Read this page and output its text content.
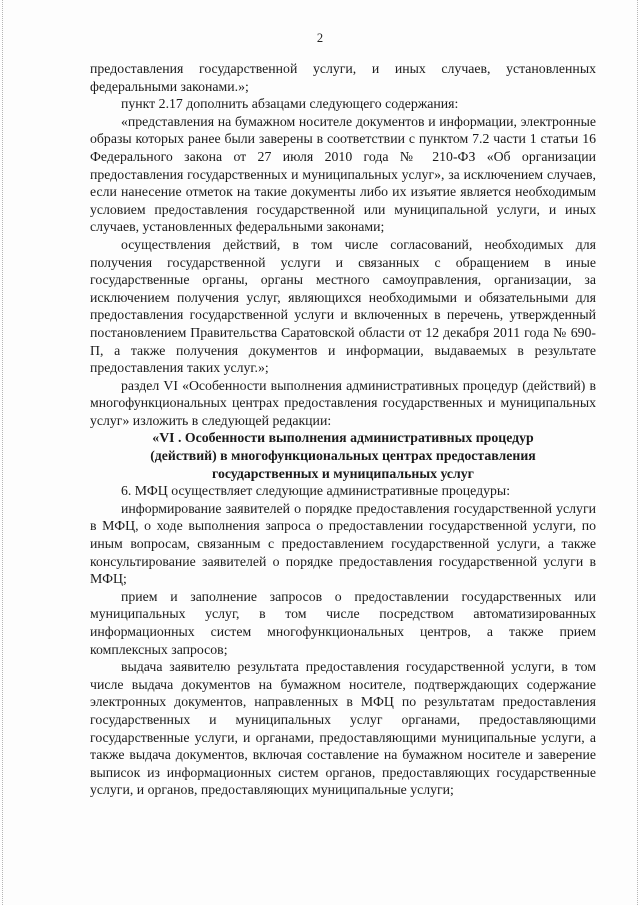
2

предоставления государственной услуги, и иных случаев, установленных федеральными законами.»;

пункт 2.17 дополнить абзацами следующего содержания:

«представления на бумажном носителе документов и информации, электронные образы которых ранее были заверены в соответствии с пунктом 7.2 части 1 статьи 16 Федерального закона от 27 июля 2010 года № 210-ФЗ «Об организации предоставления государственных и муниципальных услуг», за исключением случаев, если нанесение отметок на такие документы либо их изъятие является необходимым условием предоставления государственной или муниципальной услуги, и иных случаев, установленных федеральными законами;

осуществления действий, в том числе согласований, необходимых для получения государственной услуги и связанных с обращением в иные государственные органы, органы местного самоуправления, организации, за исключением получения услуг, являющихся необходимыми и обязательными для предоставления государственной услуги и включенных в перечень, утвержденный постановлением Правительства Саратовской области от 12 декабря 2011 года № 690-П, а также получения документов и информации, выдаваемых в результате предоставления таких услуг.»;

раздел VI «Особенности выполнения административных процедур (действий) в многофункциональных центрах предоставления государственных и муниципальных услуг» изложить в следующей редакции:

«VI . Особенности выполнения административных процедур (действий) в многофункциональных центрах предоставления государственных и муниципальных услуг

6. МФЦ осуществляет следующие административные процедуры:

информирование заявителей о порядке предоставления государственной услуги в МФЦ, о ходе выполнения запроса о предоставлении государственной услуги, по иным вопросам, связанным с предоставлением государственной услуги, а также консультирование заявителей о порядке предоставления государственной услуги в МФЦ;

прием и заполнение запросов о предоставлении государственных или муниципальных услуг, в том числе посредством автоматизированных информационных систем многофункциональных центров, а также прием комплексных запросов;

выдача заявителю результата предоставления государственной услуги, в том числе выдача документов на бумажном носителе, подтверждающих содержание электронных документов, направленных в МФЦ по результатам предоставления государственных и муниципальных услуг органами, предоставляющими государственные услуги, и органами, предоставляющими муниципальные услуги, а также выдача документов, включая составление на бумажном носителе и заверение выписок из информационных систем органов, предоставляющих государственные услуги, и органов, предоставляющих муниципальные услуги;
